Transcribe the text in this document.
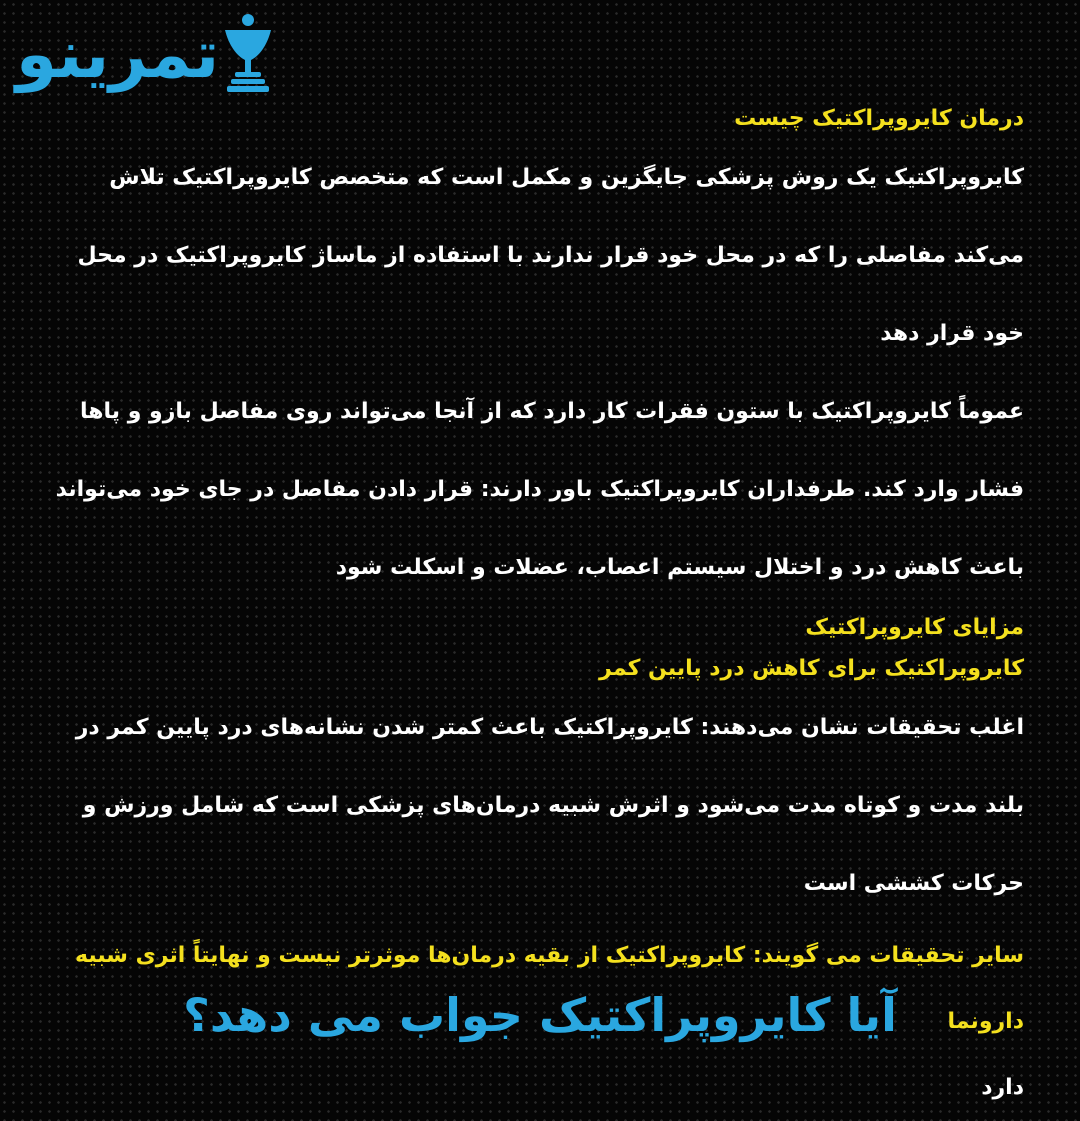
تمرینو

درمان کایروپراکتیک چیست

کایروپراکتیک یک روش پزشکی جایگزین و مکمل است که متخصص کایروپراکتیک تلاش می‌کند مفاصلی را که در محل خود قرار ندارند با استفاده از ماساژ کایروپراکتیک در محل خود قرار دهد

عموماً کایروپراکتیک با ستون فقرات کار دارد که از آنجا می‌تواند روی مفاصل بازو و پاها فشار وارد کند. طرفداران کایروپراکتیک باور دارند: قرار دادن مفاصل در جای خود می‌تواند باعث کاهش درد و اختلال سیستم اعصاب، عضلات و اسکلت شود

مزایای کایروپراکتیک

کایروپراکتیک برای کاهش درد پایین کمر

اغلب تحقیقات نشان می‌دهند: کایروپراکتیک باعث کمتر شدن نشانه‌های درد پایین کمر در بلند مدت و کوتاه مدت می‌شود و اثرش شبیه درمان‌های پزشکی است که شامل ورزش و حرکات کششی است

سایر تحقیقات می گویند: کایروپراکتیک از بقیه درمان‌ها موثرتر نیست و نهایتاً اثری شبیه دارونما
دارد

آیا کایروپراکتیک جواب می دهد؟
